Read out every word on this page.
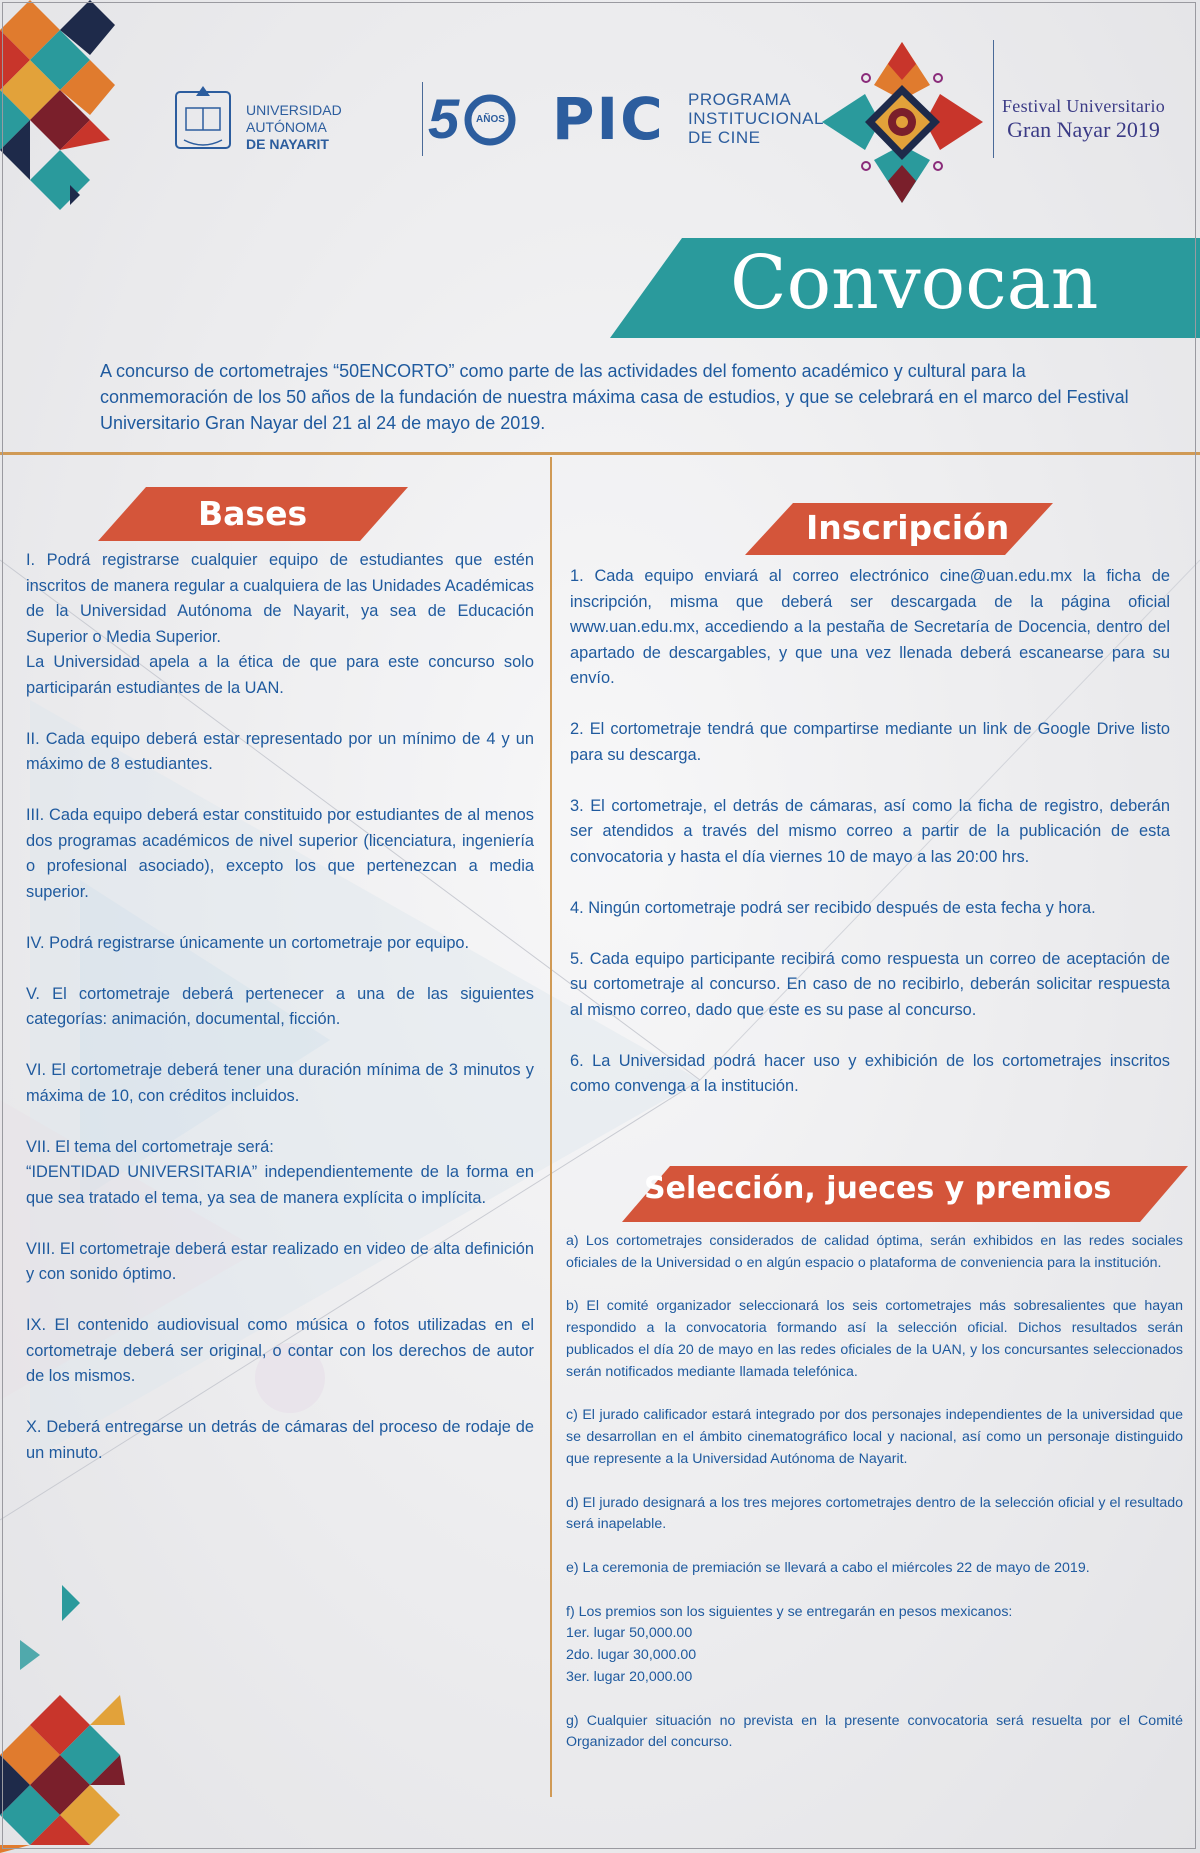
UNIVERSIDAD AUTÓNOMA
DE NAYARIT	5 AÑOS PIC PROGRAMA
INSTITUCIONAL
DE CINE
Festival Universitario
Gran Nayar 2019
Convocan
A concurso de cortometrajes “50ENCORTO” como parte de las actividades del fomento académico y cultural para la conmemoración de los 50 años de la fundación de nuestra máxima casa de estudios, y que se celebrará en el marco del Festival Universitario Gran Nayar del 21 al 24 de mayo de 2019.
Bases	Inscripción
Selección, jueces y premios

I. Podrá registrarse cualquier equipo de estudiantes que estén inscritos de manera regular a cualquiera de las Unidades Académicas de la Universidad Autónoma de Nayarit, ya sea de Educación Superior o Media Superior.

La Universidad apela a la ética de que para este concurso solo participarán estudiantes de la UAN.

II. Cada equipo deberá estar representado por un mínimo de 4 y un máximo de 8 estudiantes.

III. Cada equipo deberá estar constituido por estudiantes de al menos dos programas académicos de nivel superior (licenciatura, ingeniería o profesional asociado), excepto los que pertenezcan a media superior.

IV. Podrá registrarse únicamente un cortometraje por equipo.

V. El cortometraje deberá pertenecer a una de las siguientes categorías: animación, documental, ficción.

VI. El cortometraje deberá tener una duración mínima de 3 minutos y máxima de 10, con créditos incluidos.

VII. El tema del cortometraje será:

“IDENTIDAD UNIVERSITARIA” independientemente de la forma en que sea tratado el tema, ya sea de manera explícita o implícita.

VIII. El cortometraje deberá estar realizado en video de alta definición y con sonido óptimo.

IX. El contenido audiovisual como música o fotos utilizadas en el cortometraje deberá ser original, o contar con los derechos de autor de los mismos.

X. Deberá entregarse un detrás de cámaras del proceso de rodaje de un minuto.

1. Cada equipo enviará al correo electrónico cine@uan.edu.mx la ficha de inscripción, misma que deberá ser descargada de la página oficial www.uan.edu.mx, accediendo a la pestaña de Secretaría de Docencia, dentro del apartado de descargables, y que una vez llenada deberá escanearse para su envío.

2. El cortometraje tendrá que compartirse mediante un link de Google Drive listo para su descarga.

3. El cortometraje, el detrás de cámaras, así como la ficha de registro, deberán ser atendidos a través del mismo correo a partir de la publicación de esta convocatoria y hasta el día viernes 10 de mayo a las 20:00 hrs.

4. Ningún cortometraje podrá ser recibido después de esta fecha y hora.

5. Cada equipo participante recibirá como respuesta un correo de aceptación de su cortometraje al concurso. En caso de no recibirlo, deberán solicitar respuesta al mismo correo, dado que este es su pase al concurso.

6. La Universidad podrá hacer uso y exhibición de los cortometrajes inscritos como convenga a la institución.

a) Los cortometrajes considerados de calidad óptima, serán exhibidos en las redes sociales oficiales de la Universidad o en algún espacio o plataforma de conveniencia para la institución.

b) El comité organizador seleccionará los seis cortometrajes más sobresalientes que hayan respondido a la convocatoria formando así la selección oficial. Dichos resultados serán publicados el día 20 de mayo en las redes oficiales de la UAN, y los concursantes seleccionados serán notificados mediante llamada telefónica.

c) El jurado calificador estará integrado por dos personajes independientes de la universidad que se desarrollan en el ámbito cinematográfico local y nacional, así como un personaje distinguido que represente a la Universidad Autónoma de Nayarit.

d) El jurado designará a los tres mejores cortometrajes dentro de la selección oficial y el resultado será inapelable.

e) La ceremonia de premiación se llevará a cabo el miércoles 22 de mayo de 2019.

f) Los premios son los siguientes y se entregarán en pesos mexicanos:

1er. lugar 50,000.00

2do. lugar 30,000.00

3er. lugar 20,000.00

g) Cualquier situación no prevista en la presente convocatoria será resuelta por el Comité Organizador del concurso.
